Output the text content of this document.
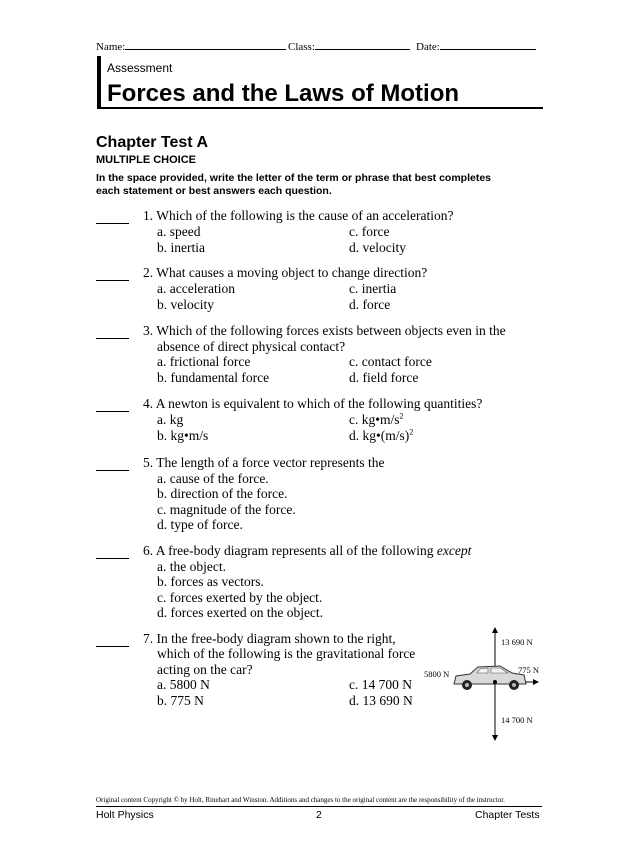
Name:	Class:	Date:
Assessment
Forces and the Laws of Motion
Chapter Test A
MULTIPLE CHOICE
In the space provided, write the letter of the term or phrase that best completes
each statement or best answers each question.
1. Which of the following is the cause of an acceleration?
a. speed	c. force
b. inertia	d. velocity
2. What causes a moving object to change direction?
a. acceleration	c. inertia
b. velocity	d. force
3. Which of the following forces exists between objects even in the
absence of direct physical contact?
a. frictional force	c. contact force
b. fundamental force	d. field force
4. A newton is equivalent to which of the following quantities?
a. kg	c. $kg•m/s^2$
b. kg•m/s	d. $kg•(m/s)^2$
5. The length of a force vector represents the
a. cause of the force.
b. direction of the force.
c. magnitude of the force.
d. type of force.
6. A free-body diagram represents all of the following except
a. the object.
b. forces as vectors.
c. forces exerted by the object.
d. forces exerted on the object.
7. In the free-body diagram shown to the right,
which of the following is the gravitational force
acting on the car?
a. 5800 N	c. 14 700 N
b. 775 N	d. 13 690 N
13 690 N
775 N
5800 N
14 700 N
Original content Copyright © by Holt, Rinehart and Winston. Additions and changes to the original content are the responsibility of the instructor.
Holt Physics	2	Chapter Tests
